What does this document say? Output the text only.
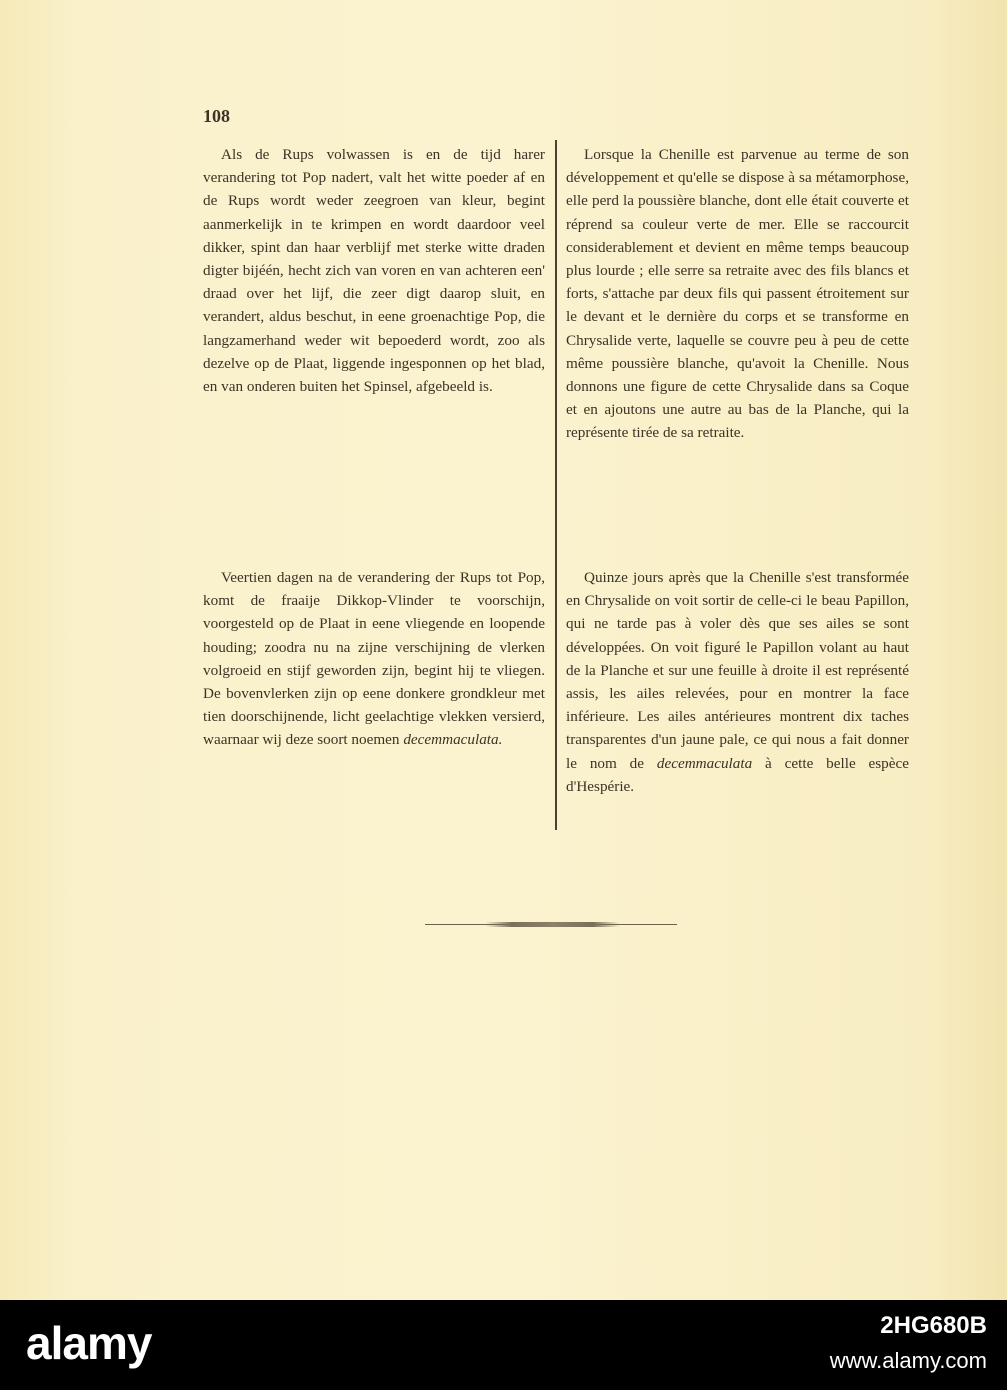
108

Als de Rups volwassen is en de tijd harer verandering tot Pop nadert, valt het witte poeder af en de Rups wordt weder zeegroen van kleur, begint aanmerkelijk in te krimpen en wordt daardoor veel dikker, spint dan haar verblijf met sterke witte draden digter bijéén, hecht zich van voren en van achteren een' draad over het lijf, die zeer digt daarop sluit, en verandert, aldus beschut, in eene groenachtige Pop, die langzamerhand weder wit bepoederd wordt, zoo als dezelve op de Plaat, liggende ingesponnen op het blad, en van onderen buiten het Spinsel, afgebeeld is.

Lorsque la Chenille est parvenue au terme de son développement et qu'elle se dispose à sa métamorphose, elle perd la poussière blanche, dont elle était couverte et réprend sa couleur verte de mer. Elle se raccourcit considerablement et devient en même temps beaucoup plus lourde ; elle serre sa retraite avec des fils blancs et forts, s'attache par deux fils qui passent étroitement sur le devant et le dernière du corps et se transforme en Chrysalide verte, laquelle se couvre peu à peu de cette même poussière blanche, qu'avoit la Chenille. Nous donnons une figure de cette Chrysalide dans sa Coque et en ajoutons une autre au bas de la Planche, qui la représente tirée de sa retraite.

Veertien dagen na de verandering der Rups tot Pop, komt de fraaije Dikkop-Vlinder te voorschijn, voorgesteld op de Plaat in eene vliegende en loopende houding; zoodra nu na zijne verschijning de vlerken volgroeid en stijf geworden zijn, begint hij te vliegen. De bovenvlerken zijn op eene donkere grondkleur met tien doorschijnende, licht geelachtige vlekken versierd, waarnaar wij deze soort noemen decemmaculata.

Quinze jours après que la Chenille s'est transformée en Chrysalide on voit sortir de celle-ci le beau Papillon, qui ne tarde pas à voler dès que ses ailes se sont développées. On voit figuré le Papillon volant au haut de la Planche et sur une feuille à droite il est représenté assis, les ailes relevées, pour en montrer la face inférieure. Les ailes antérieures montrent dix taches transparentes d'un jaune pale, ce qui nous a fait donner le nom de decemmaculata à cette belle espèce d'Hespérie.

alamy	2HG680B
www.alamy.com
